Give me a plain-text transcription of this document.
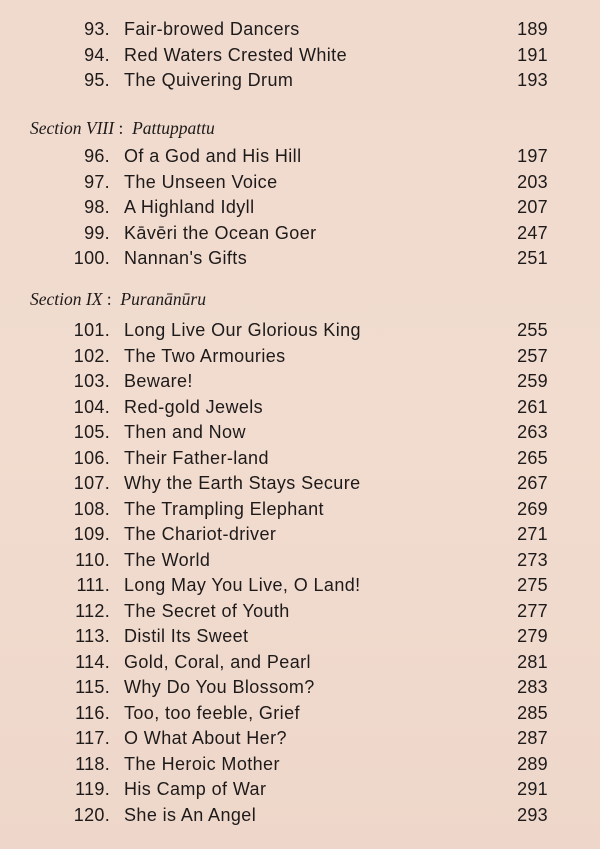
93. Fair-browed Dancers	189
94. Red Waters Crested White	191
95. The Quivering Drum	193
Section VIII : Pattuppattu
96. Of a God and His Hill	197
97. The Unseen Voice	203
98. A Highland Idyll	207
99. Kāvēri the Ocean Goer	247
100. Nannan's Gifts	251
Section IX : Puranānūru
101. Long Live Our Glorious King	255
102. The Two Armouries	257
103. Beware!	259
104. Red-gold Jewels	261
105. Then and Now	263
106. Their Father-land	265
107. Why the Earth Stays Secure	267
108. The Trampling Elephant	269
109. The Chariot-driver	271
110. The World	273
111. Long May You Live, O Land!	275
112. The Secret of Youth	277
113. Distil Its Sweet	279
114. Gold, Coral, and Pearl	281
115. Why Do You Blossom?	283
116. Too, too feeble, Grief	285
117. O What About Her?	287
118. The Heroic Mother	289
119. His Camp of War	291
120. She is An Angel	293
